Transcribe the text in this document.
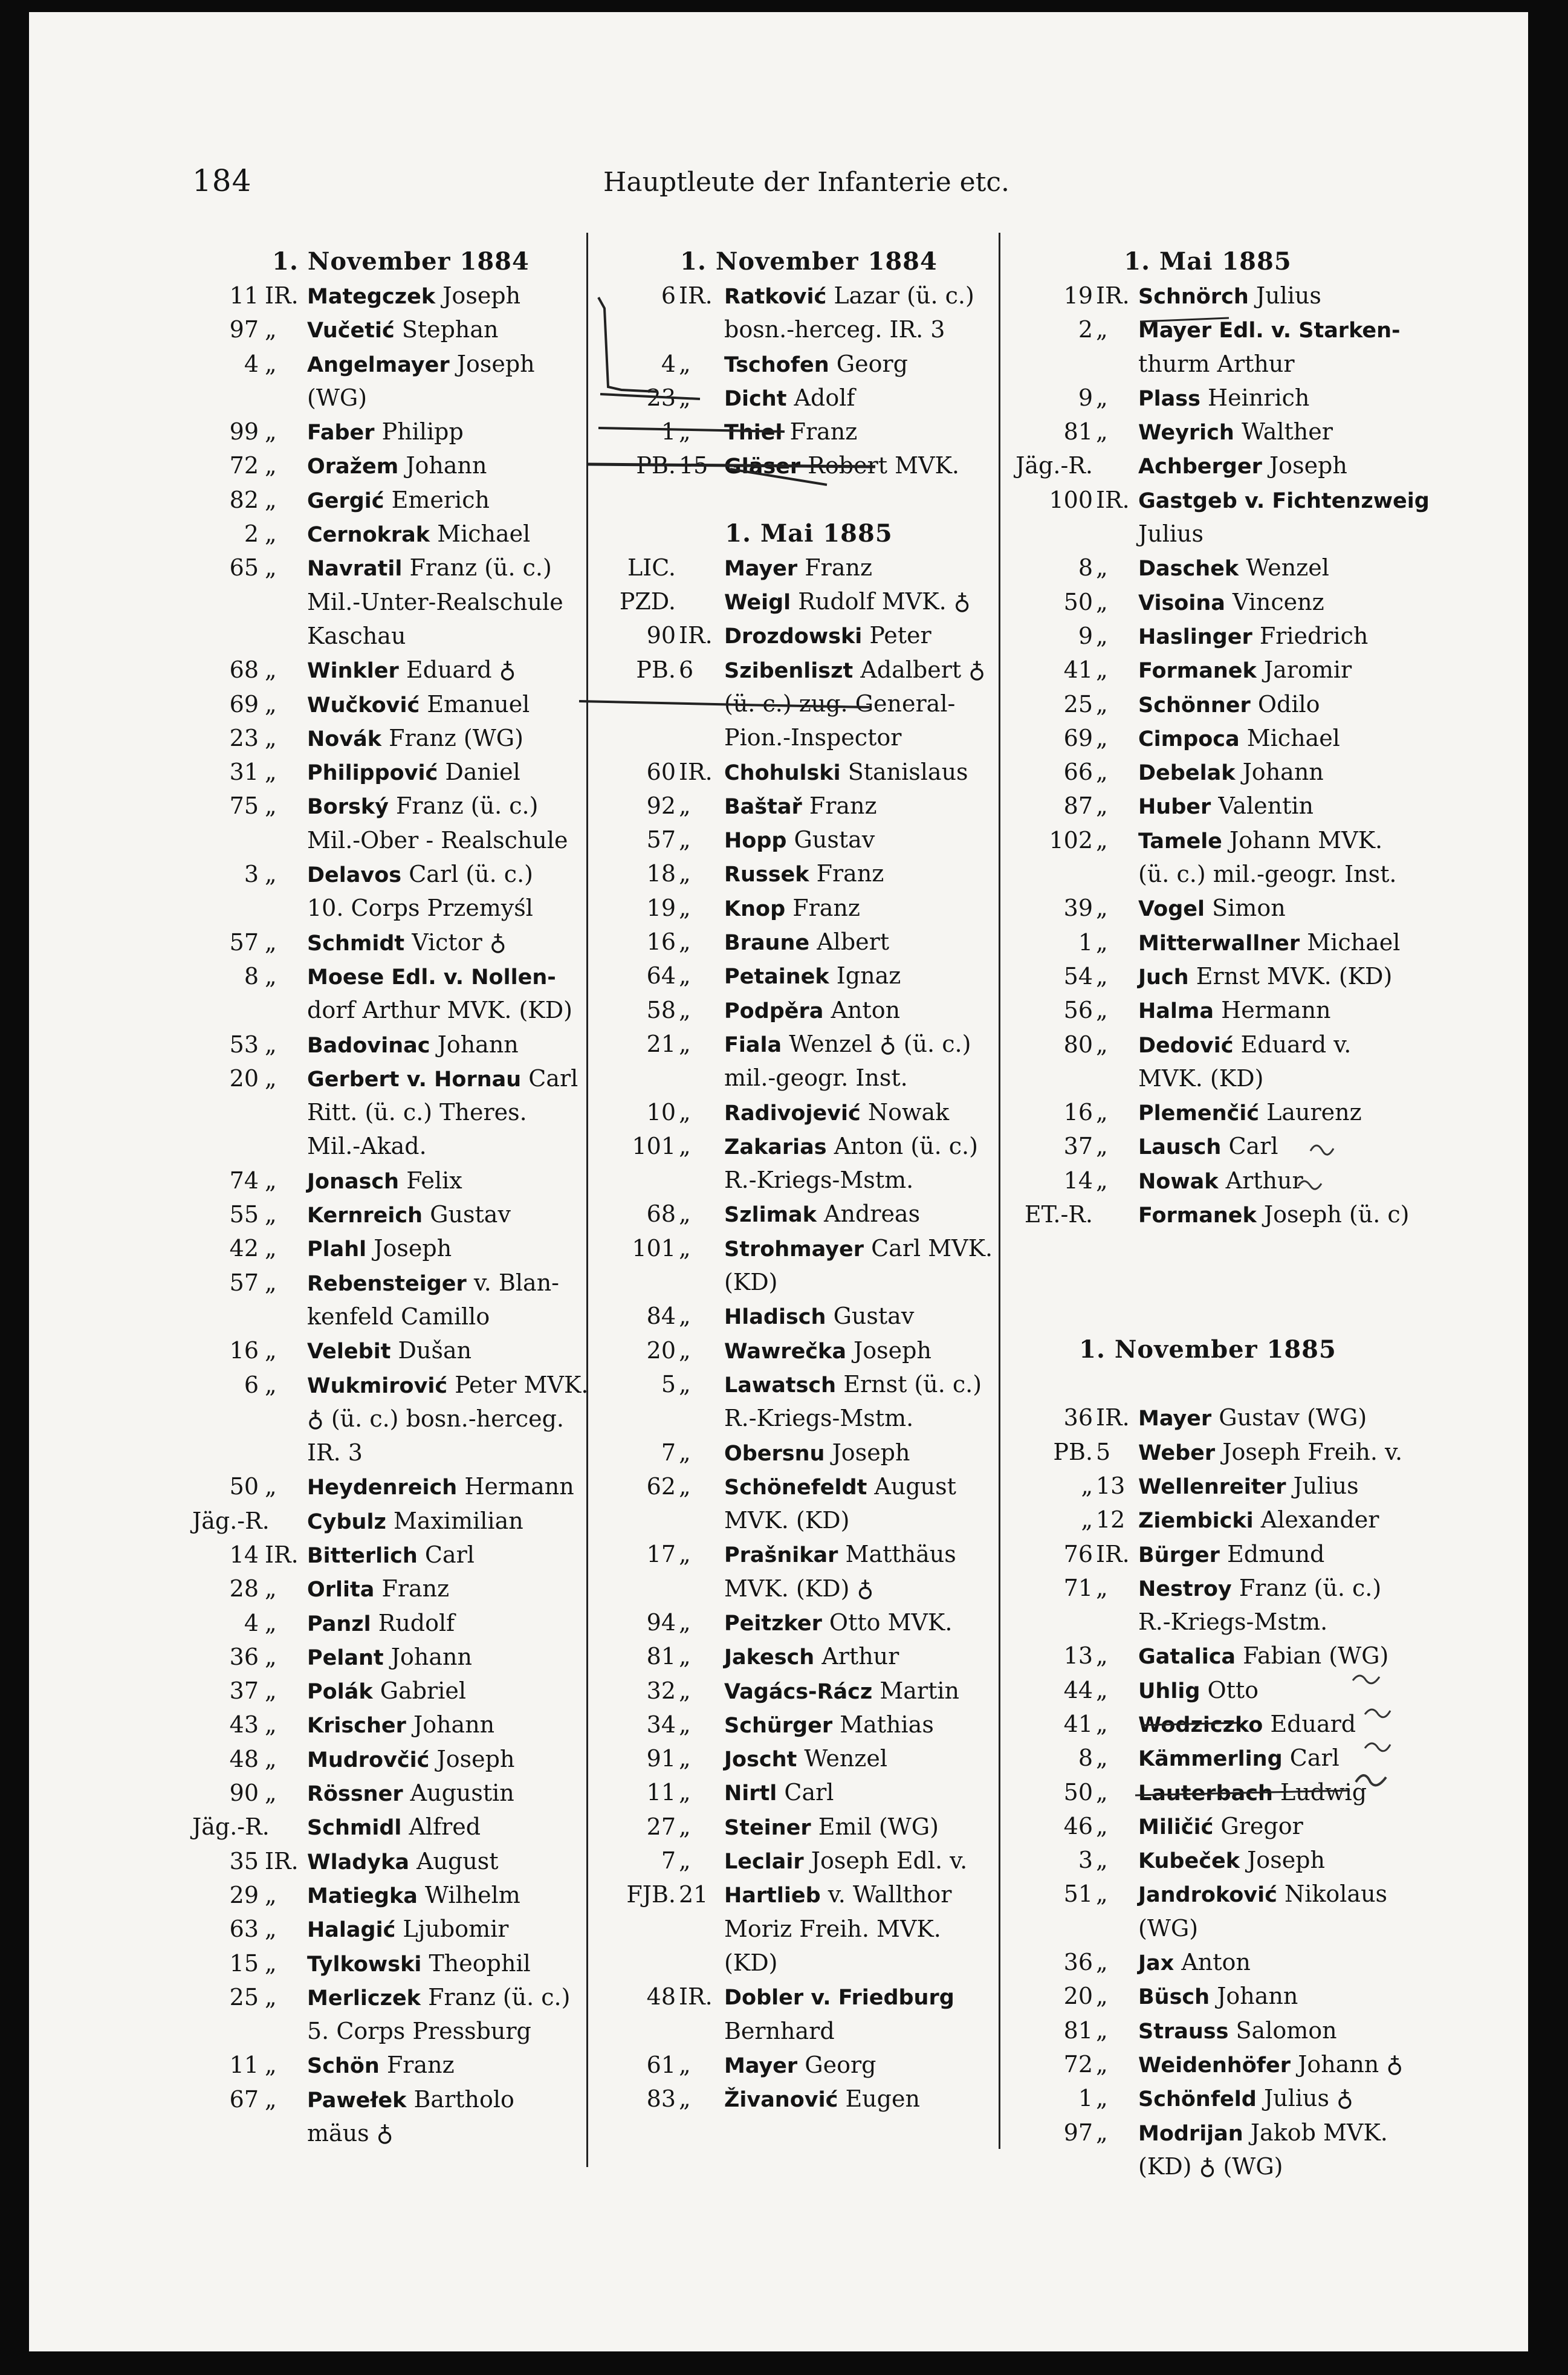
184	Hauptleute der Infanterie etc.
1. November 1884
11 IR. Mategczek Joseph
97 „ Vučetić Stephan
4 „ Angelmayer Joseph
(WG)
99 „ Faber Philipp
72 „ Oražem Johann
82 „ Gergić Emerich
2 „ Cernokrak Michael
65 „ Navratil Franz (ü. c.)
Mil.-Unter-Realschule
Kaschau
68 „ Winkler Eduard ♁
69 „ Wučković Emanuel
23 „ Novák Franz (WG)
31 „ Philippović Daniel
75 „ Borský Franz (ü. c.)
Mil.-Ober - Realschule
3 „ Delavos Carl (ü. c.)
10. Corps Przemyśl
57 „ Schmidt Victor ♁
8 „ Moese Edl. v. Nollen-
dorf Arthur MVK. (KD)
53 „ Badovinac Johann
20 „ Gerbert v. Hornau Carl
Ritt. (ü. c.) Theres.
Mil.-Akad.
74 „ Jonasch Felix
55 „ Kernreich Gustav
42 „ Plahl Joseph
57 „ Rebensteiger v. Blan-
kenfeld Camillo
16 „ Velebit Dušan
6 „ Wukmirović Peter MVK.
♁ (ü. c.) bosn.-herceg.
IR. 3
50 „ Heydenreich Hermann
Jäg.-R. Cybulz Maximilian
14 IR. Bitterlich Carl
28 „ Orlita Franz
4 „ Panzl Rudolf
36 „ Pelant Johann
37 „ Polák Gabriel
43 „ Krischer Johann
48 „ Mudrovčić Joseph
90 „ Rössner Augustin
Jäg.-R. Schmidl Alfred
35 IR. Wladyka August
29 „ Matiegka Wilhelm
63 „ Halagić Ljubomir
15 „ Tylkowski Theophil
25 „ Merliczek Franz (ü. c.)
5. Corps Pressburg
11 „ Schön Franz
67 „ Pawełek Bartholo
mäus ♁
1. November 1884
6 IR. Ratković Lazar (ü. c.)
bosn.-herceg. IR. 3
4 „ Tschofen Georg
23 „ Dicht Adolf
1 „ Thiel Franz
PB. 15 Gläser Robert MVK.
1. Mai 1885
LIC. Mayer Franz
PZD. Weigl Rudolf MVK. ♁
90 IR. Drozdowski Peter
PB. 6 Szibenliszt Adalbert ♁
(ü. c.) zug. General-
Pion.-Inspector
60 IR. Chohulski Stanislaus
92 „ Baštař Franz
57 „ Hopp Gustav
18 „ Russek Franz
19 „ Knop Franz
16 „ Braune Albert
64 „ Petainek Ignaz
58 „ Podpěra Anton
21 „ Fiala Wenzel ♁ (ü. c.)
mil.-geogr. Inst.
10 „ Radivojević Nowak
101 „ Zakarias Anton (ü. c.)
R.-Kriegs-Mstm.
68 „ Szlimak Andreas
101 „ Strohmayer Carl MVK.
(KD)
84 „ Hladisch Gustav
20 „ Wawrečka Joseph
5 „ Lawatsch Ernst (ü. c.)
R.-Kriegs-Mstm.
7 „ Obersnu Joseph
62 „ Schönefeldt August
MVK. (KD)
17 „ Prašnikar Matthäus
MVK. (KD) ♁
94 „ Peitzker Otto MVK.
81 „ Jakesch Arthur
32 „ Vagács-Rácz Martin
34 „ Schürger Mathias
91 „ Joscht Wenzel
11 „ Nirtl Carl
27 „ Steiner Emil (WG)
7 „ Leclair Joseph Edl. v.
FJB. 21 Hartlieb v. Wallthor
Moriz Freih. MVK.
(KD)
48 IR. Dobler v. Friedburg
Bernhard
61 „ Mayer Georg
83 „ Živanović Eugen
1. Mai 1885
19 IR. Schnörch Julius
2 „ Mayer Edl. v. Starken-
thurm Arthur
9 „ Plass Heinrich
81 „ Weyrich Walther
Jäg.-R. Achberger Joseph
100 IR. Gastgeb v. Fichtenzweig
Julius
8 „ Daschek Wenzel
50 „ Visoina Vincenz
9 „ Haslinger Friedrich
41 „ Formanek Jaromir
25 „ Schönner Odilo
69 „ Cimpoca Michael
66 „ Debelak Johann
87 „ Huber Valentin
102 „ Tamele Johann MVK.
(ü. c.) mil.-geogr. Inst.
39 „ Vogel Simon
1 „ Mitterwallner Michael
54 „ Juch Ernst MVK. (KD)
56 „ Halma Hermann
80 „ Dedović Eduard v.
MVK. (KD)
16 „ Plemenčić Laurenz
37 „ Lausch Carl
14 „ Nowak Arthur
ET.-R. Formanek Joseph (ü. c)
1. November 1885
36 IR. Mayer Gustav (WG)
PB. 5 Weber Joseph Freih. v.
„ 13 Wellenreiter Julius
„ 12 Ziembicki Alexander
76 IR. Bürger Edmund
71 „ Nestroy Franz (ü. c.)
R.-Kriegs-Mstm.
13 „ Gatalica Fabian (WG)
44 „ Uhlig Otto
41 „ Wodziczko Eduard
8 „ Kämmerling Carl
50 „ Lauterbach Ludwig
46 „ Miličić Gregor
3 „ Kubeček Joseph
51 „ Jandroković Nikolaus
(WG)
36 „ Jax Anton
20 „ Büsch Johann
81 „ Strauss Salomon
72 „ Weidenhöfer Johann ♁
1 „ Schönfeld Julius ♁
97 „ Modrijan Jakob MVK.
(KD) ♁ (WG)
